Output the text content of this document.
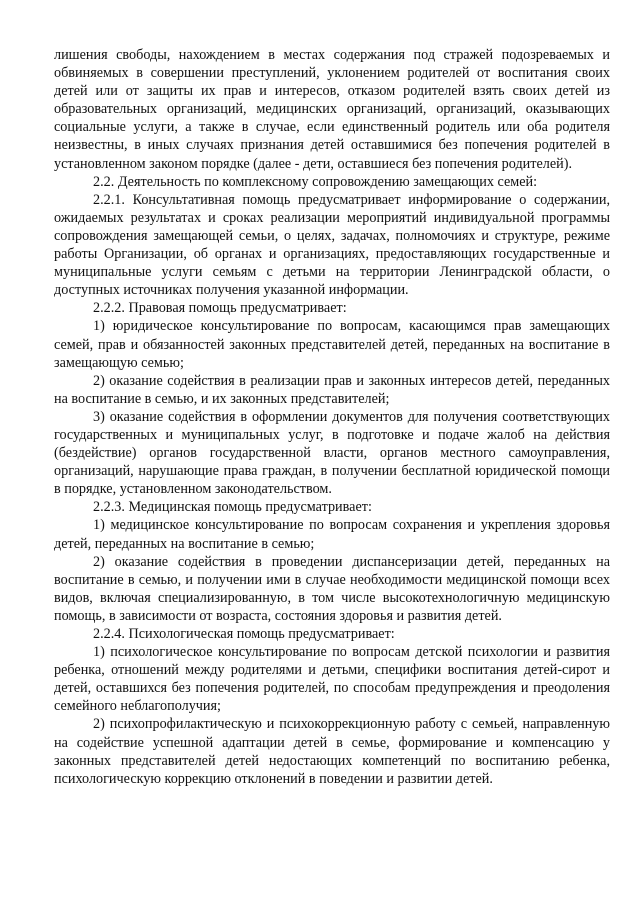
лишения свободы, нахождением в местах содержания под стражей подозреваемых и обвиняемых в совершении преступлений, уклонением родителей от воспитания своих детей или от защиты их прав и интересов, отказом родителей взять своих детей из образовательных организаций, медицинских организаций, организаций, оказывающих социальные услуги, а также в случае, если единственный родитель или оба родителя неизвестны, в иных случаях признания детей оставшимися без попечения родителей в установленном законом порядке (далее - дети, оставшиеся без попечения родителей).

2.2. Деятельность по комплексному сопровождению замещающих семей:

2.2.1. Консультативная помощь предусматривает информирование о содержании, ожидаемых результатах и сроках реализации мероприятий индивидуальной программы сопровождения замещающей семьи, о целях, задачах, полномочиях и структуре, режиме работы Организации, об органах и организациях, предоставляющих государственные и муниципальные услуги семьям с детьми на территории Ленинградской области, о доступных источниках получения указанной информации.

2.2.2. Правовая помощь предусматривает:

1) юридическое консультирование по вопросам, касающимся прав замещающих семей, прав и обязанностей законных представителей детей, переданных на воспитание в замещающую семью;

2) оказание содействия в реализации прав и законных интересов детей, переданных на воспитание в семью, и их законных представителей;

3) оказание содействия в оформлении документов для получения соответствующих государственных и муниципальных услуг, в подготовке и подаче жалоб на действия (бездействие) органов государственной власти, органов местного самоуправления, организаций, нарушающие права граждан, в получении бесплатной юридической помощи в порядке, установленном законодательством.

2.2.3. Медицинская помощь предусматривает:

1) медицинское консультирование по вопросам сохранения и укрепления здоровья детей, переданных на воспитание в семью;

2) оказание содействия в проведении диспансеризации детей, переданных на воспитание в семью, и получении ими в случае необходимости медицинской помощи всех видов, включая специализированную, в том числе высокотехнологичную медицинскую помощь, в зависимости от возраста, состояния здоровья и развития детей.

2.2.4. Психологическая помощь предусматривает:

1) психологическое консультирование по вопросам детской психологии и развития ребенка, отношений между родителями и детьми, специфики воспитания детей-сирот и детей, оставшихся без попечения родителей, по способам предупреждения и преодоления семейного неблагополучия;

2) психопрофилактическую и психокоррекционную работу с семьей, направленную на содействие успешной адаптации детей в семье, формирование и компенсацию у законных представителей детей недостающих компетенций по воспитанию ребенка, психологическую коррекцию отклонений в поведении и развитии детей.
